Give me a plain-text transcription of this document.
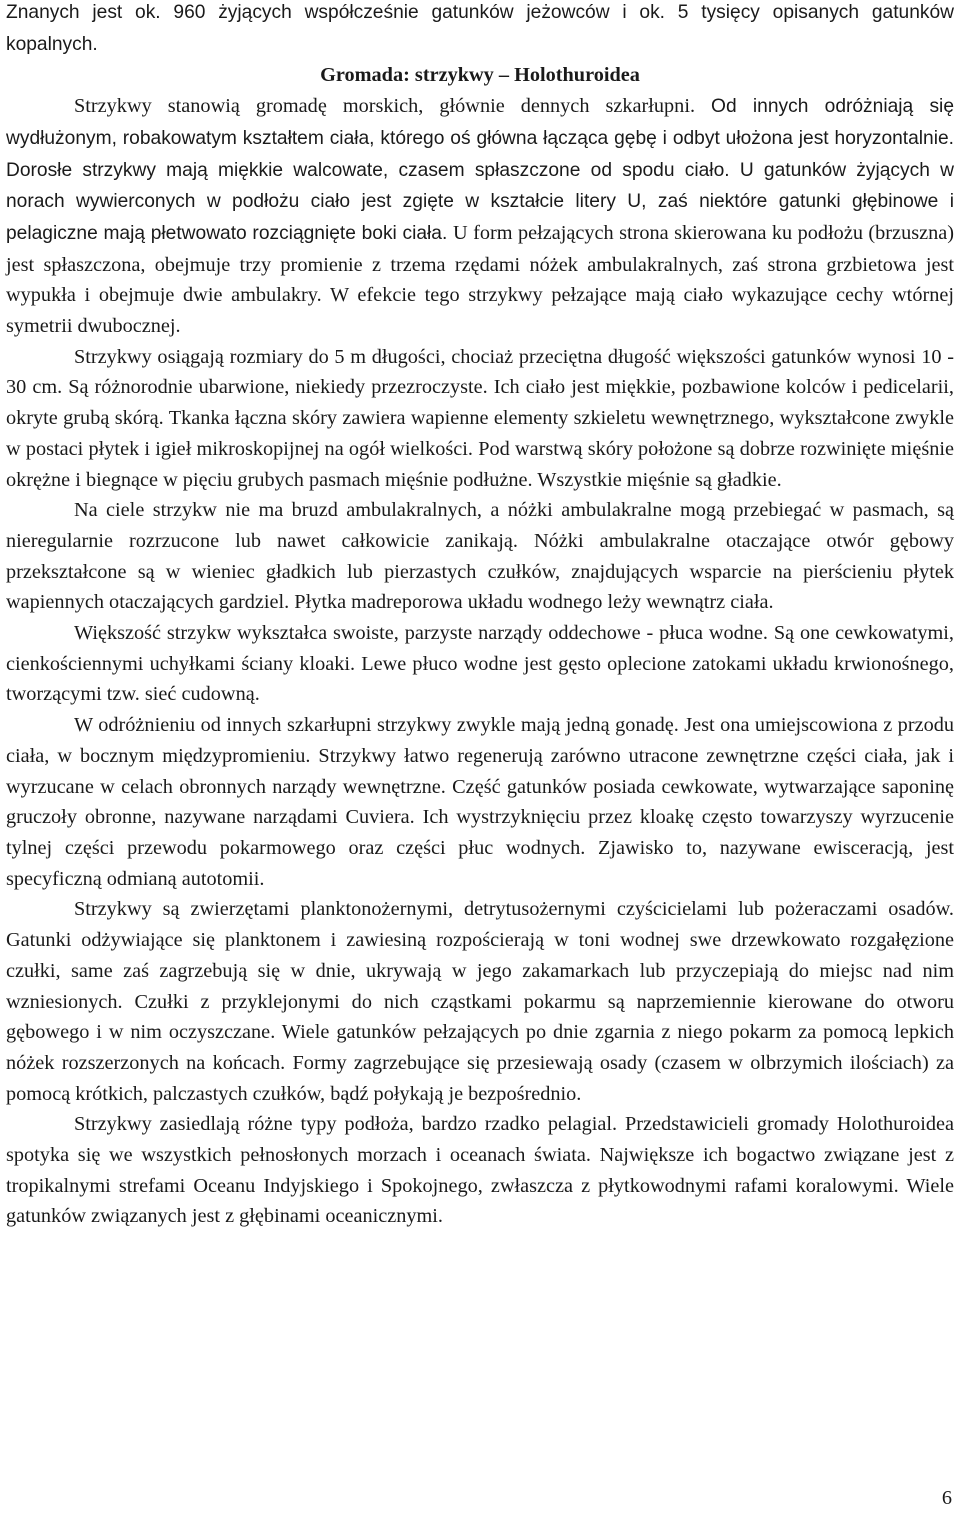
Znanych jest ok. 960 żyjących współcześnie gatunków jeżowców i ok. 5 tysięcy opisanych gatunków kopalnych.

Gromada: strzykwy – Holothuroidea

Strzykwy stanowią gromadę morskich, głównie dennych szkarłupni. Od innych odróżniają się wydłużonym, robakowatym kształtem ciała, którego oś główna łącząca gębę i odbyt ułożona jest horyzontalnie. Dorosłe strzykwy mają miękkie walcowate, czasem spłaszczone od spodu ciało. U gatunków żyjących w norach wywierconych w podłożu ciało jest zgięte w kształcie litery U, zaś niektóre gatunki głębinowe i pelagiczne mają płetwowato rozciągnięte boki ciała. U form pełzających strona skierowana ku podłożu (brzuszna) jest spłaszczona, obejmuje trzy promienie z trzema rzędami nóżek ambulakralnych, zaś strona grzbietowa jest wypukła i obejmuje dwie ambulakry. W efekcie tego strzykwy pełzające mają ciało wykazujące cechy wtórnej symetrii dwubocznej.

Strzykwy osiągają rozmiary do 5 m długości, chociaż przeciętna długość większości gatunków wynosi 10 - 30 cm. Są różnorodnie ubarwione, niekiedy przezroczyste. Ich ciało jest miękkie, pozbawione kolców i pedicelarii, okryte grubą skórą. Tkanka łączna skóry zawiera wapienne elementy szkieletu wewnętrznego, wykształcone zwykle w postaci płytek i igieł mikroskopijnej na ogół wielkości. Pod warstwą skóry położone są dobrze rozwinięte mięśnie okrężne i biegnące w pięciu grubych pasmach mięśnie podłużne. Wszystkie mięśnie są gładkie.

Na ciele strzykw nie ma bruzd ambulakralnych, a nóżki ambulakralne mogą przebiegać w pasmach, są nieregularnie rozrzucone lub nawet całkowicie zanikają. Nóżki ambulakralne otaczające otwór gębowy przekształcone są w wieniec gładkich lub pierzastych czułków, znajdujących wsparcie na pierścieniu płytek wapiennych otaczających gardziel. Płytka madreporowa układu wodnego leży wewnątrz ciała.

Większość strzykw wykształca swoiste, parzyste narządy oddechowe - płuca wodne. Są one cewkowatymi, cienkościennymi uchyłkami ściany kloaki. Lewe płuco wodne jest gęsto oplecione zatokami układu krwionośnego, tworzącymi tzw. sieć cudowną.

W odróżnieniu od innych szkarłupni strzykwy zwykle mają jedną gonadę. Jest ona umiejscowiona z przodu ciała, w bocznym międzypromieniu. Strzykwy łatwo regenerują zarówno utracone zewnętrzne części ciała, jak i wyrzucane w celach obronnych narządy wewnętrzne. Część gatunków posiada cewkowate, wytwarzające saponinę gruczoły obronne, nazywane narządami Cuviera. Ich wystrzyknięciu przez kloakę często towarzyszy wyrzucenie tylnej części przewodu pokarmowego oraz części płuc wodnych. Zjawisko to, nazywane ewisceracją, jest specyficzną odmianą autotomii.

Strzykwy są zwierzętami planktonożernymi, detrytusożernymi czyścicielami lub pożeraczami osadów. Gatunki odżywiające się planktonem i zawiesiną rozpościerają w toni wodnej swe drzewkowato rozgałęzione czułki, same zaś zagrzebują się w dnie, ukrywają w jego zakamarkach lub przyczepiają do miejsc nad nim wzniesionych. Czułki z przyklejonymi do nich cząstkami pokarmu są naprzemiennie kierowane do otworu gębowego i w nim oczyszczane. Wiele gatunków pełzających po dnie zgarnia z niego pokarm za pomocą lepkich nóżek rozszerzonych na końcach. Formy zagrzebujące się przesiewają osady (czasem w olbrzymich ilościach) za pomocą krótkich, palczastych czułków, bądź połykają je bezpośrednio.

Strzykwy zasiedlają różne typy podłoża, bardzo rzadko pelagial. Przedstawicieli gromady Holothuroidea spotyka się we wszystkich pełnosłonych morzach i oceanach świata. Największe ich bogactwo związane jest z tropikalnymi strefami Oceanu Indyjskiego i Spokojnego, zwłaszcza z płytkowodnymi rafami koralowymi. Wiele gatunków związanych jest z głębinami oceanicznymi.

6
